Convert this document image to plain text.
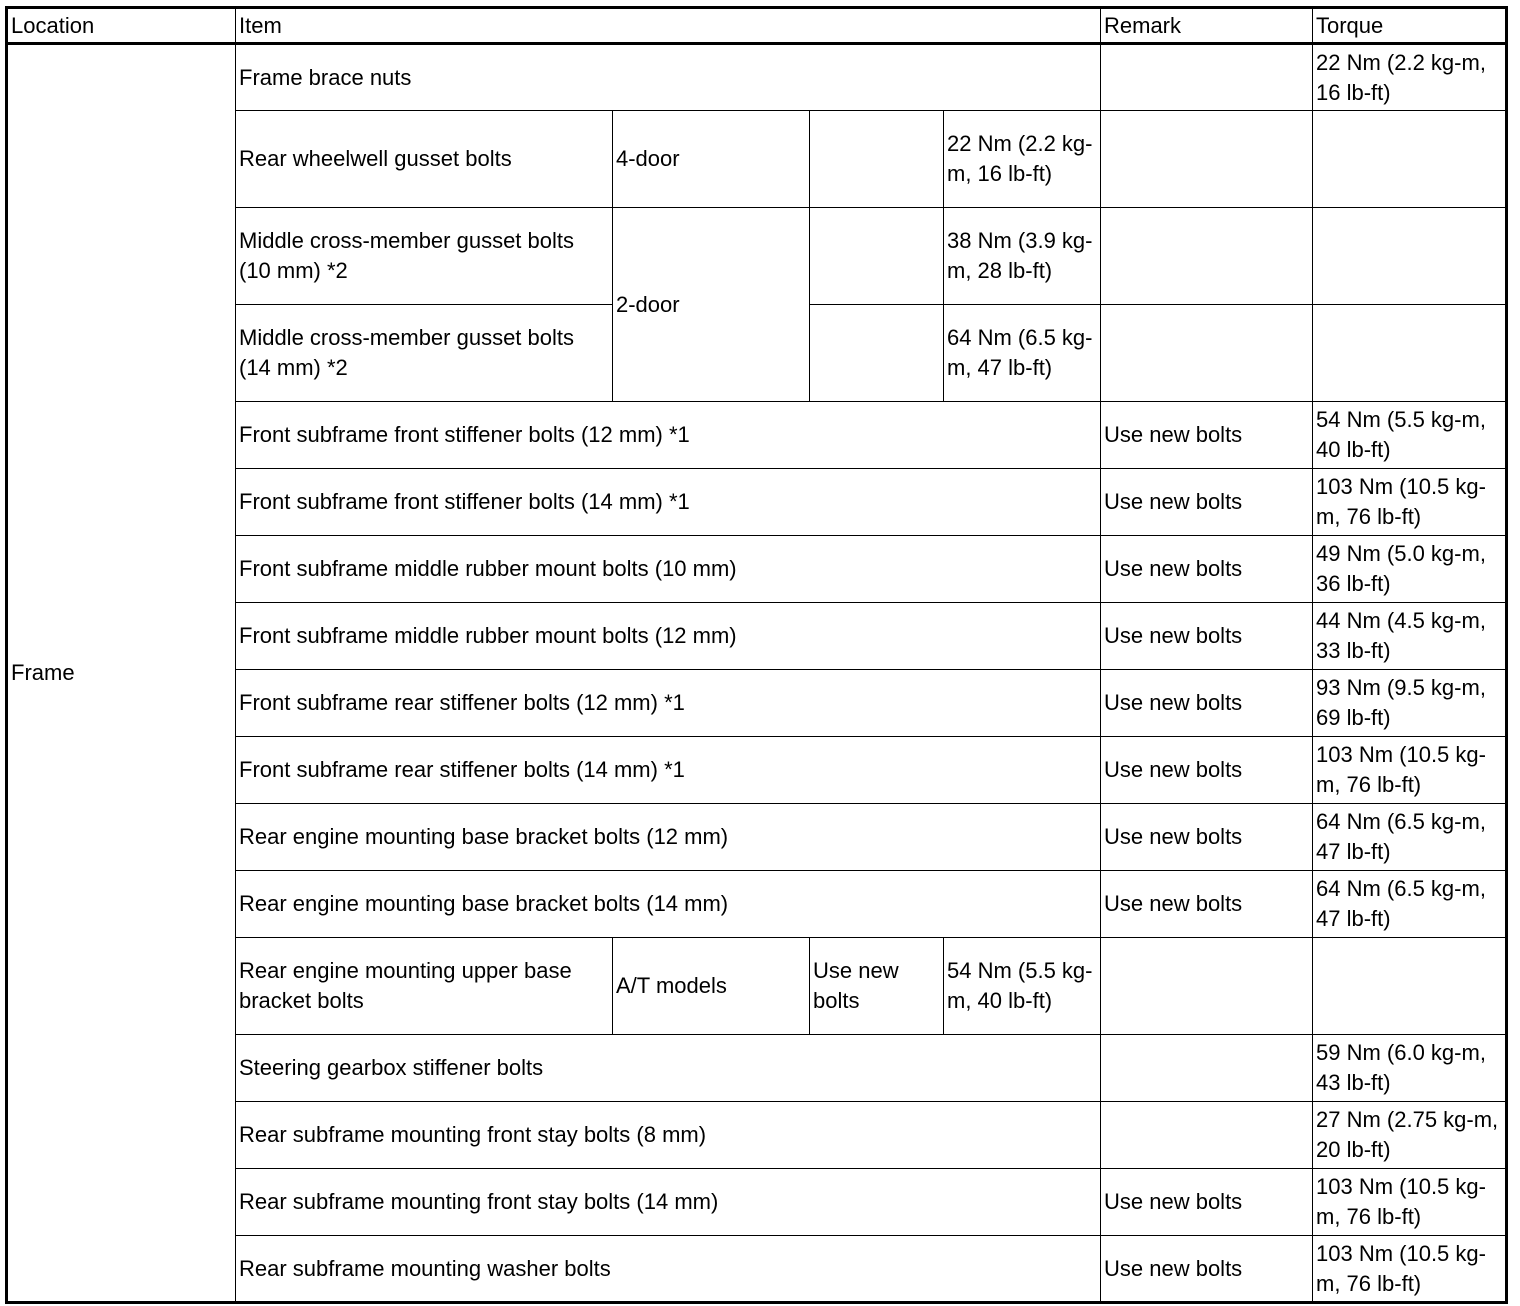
Location	Item				Remark	Torque
Frame	Frame brace nuts					22 Nm (2.2 kg-m, 16 lb-ft)
	Rear wheelwell gusset bolts	4-door		22 Nm (2.2 kg-m, 16 lb-ft)		
	Middle cross-member gusset bolts (10 mm) *2	2-door		38 Nm (3.9 kg-m, 28 lb-ft)		
	Middle cross-member gusset bolts (14 mm) *2			64 Nm (6.5 kg-m, 47 lb-ft)		
	Front subframe front stiffener bolts (12 mm) *1				Use new bolts	54 Nm (5.5 kg-m, 40 lb-ft)
	Front subframe front stiffener bolts (14 mm) *1				Use new bolts	103 Nm (10.5 kg-m, 76 lb-ft)
	Front subframe middle rubber mount bolts (10 mm)				Use new bolts	49 Nm (5.0 kg-m, 36 lb-ft)
	Front subframe middle rubber mount bolts (12 mm)				Use new bolts	44 Nm (4.5 kg-m, 33 lb-ft)
	Front subframe rear stiffener bolts (12 mm) *1				Use new bolts	93 Nm (9.5 kg-m, 69 lb-ft)
	Front subframe rear stiffener bolts (14 mm) *1				Use new bolts	103 Nm (10.5 kg-m, 76 lb-ft)
	Rear engine mounting base bracket bolts (12 mm)				Use new bolts	64 Nm (6.5 kg-m, 47 lb-ft)
	Rear engine mounting base bracket bolts (14 mm)				Use new bolts	64 Nm (6.5 kg-m, 47 lb-ft)
	Rear engine mounting upper base bracket bolts	A/T models	Use new bolts	54 Nm (5.5 kg-m, 40 lb-ft)		
	Steering gearbox stiffener bolts					59 Nm (6.0 kg-m, 43 lb-ft)
	Rear subframe mounting front stay bolts (8 mm)					27 Nm (2.75 kg-m, 20 lb-ft)
	Rear subframe mounting front stay bolts (14 mm)				Use new bolts	103 Nm (10.5 kg-m, 76 lb-ft)
	Rear subframe mounting washer bolts				Use new bolts	103 Nm (10.5 kg-m, 76 lb-ft)
